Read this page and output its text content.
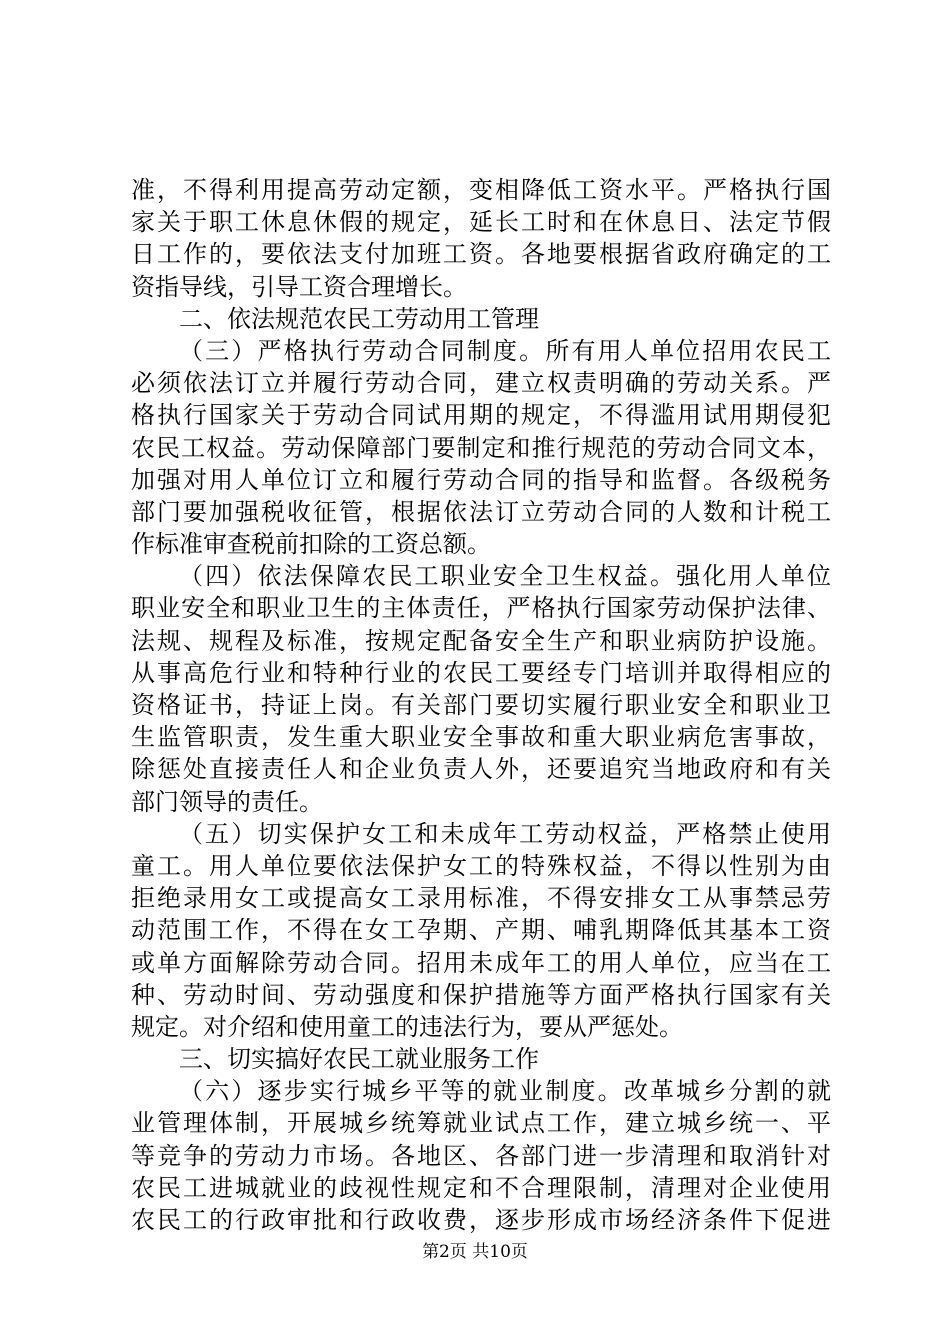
准，不得利用提高劳动定额，变相降低工资水平。严格执行国
家关于职工休息休假的规定，延长工时和在休息日、法定节假
日工作的，要依法支付加班工资。各地要根据省政府确定的工
资指导线，引导工资合理增长。
二、依法规范农民工劳动用工管理
（三）严格执行劳动合同制度。所有用人单位招用农民工
必须依法订立并履行劳动合同，建立权责明确的劳动关系。严
格执行国家关于劳动合同试用期的规定，不得滥用试用期侵犯
农民工权益。劳动保障部门要制定和推行规范的劳动合同文本，
加强对用人单位订立和履行劳动合同的指导和监督。各级税务
部门要加强税收征管，根据依法订立劳动合同的人数和计税工
作标准审查税前扣除的工资总额。
（四）依法保障农民工职业安全卫生权益。强化用人单位
职业安全和职业卫生的主体责任，严格执行国家劳动保护法律、
法规、规程及标准，按规定配备安全生产和职业病防护设施。
从事高危行业和特种行业的农民工要经专门培训并取得相应的
资格证书，持证上岗。有关部门要切实履行职业安全和职业卫
生监管职责，发生重大职业安全事故和重大职业病危害事故，
除惩处直接责任人和企业负责人外，还要追究当地政府和有关
部门领导的责任。
（五）切实保护女工和未成年工劳动权益，严格禁止使用
童工。用人单位要依法保护女工的特殊权益，不得以性别为由
拒绝录用女工或提高女工录用标准，不得安排女工从事禁忌劳
动范围工作，不得在女工孕期、产期、哺乳期降低其基本工资
或单方面解除劳动合同。招用未成年工的用人单位，应当在工
种、劳动时间、劳动强度和保护措施等方面严格执行国家有关
规定。对介绍和使用童工的违法行为，要从严惩处。
三、切实搞好农民工就业服务工作
（六）逐步实行城乡平等的就业制度。改革城乡分割的就
业管理体制，开展城乡统筹就业试点工作，建立城乡统一、平
等竞争的劳动力市场。各地区、各部门进一步清理和取消针对
农民工进城就业的歧视性规定和不合理限制，清理对企业使用
农民工的行政审批和行政收费，逐步形成市场经济条件下促进
第2页 共10页
